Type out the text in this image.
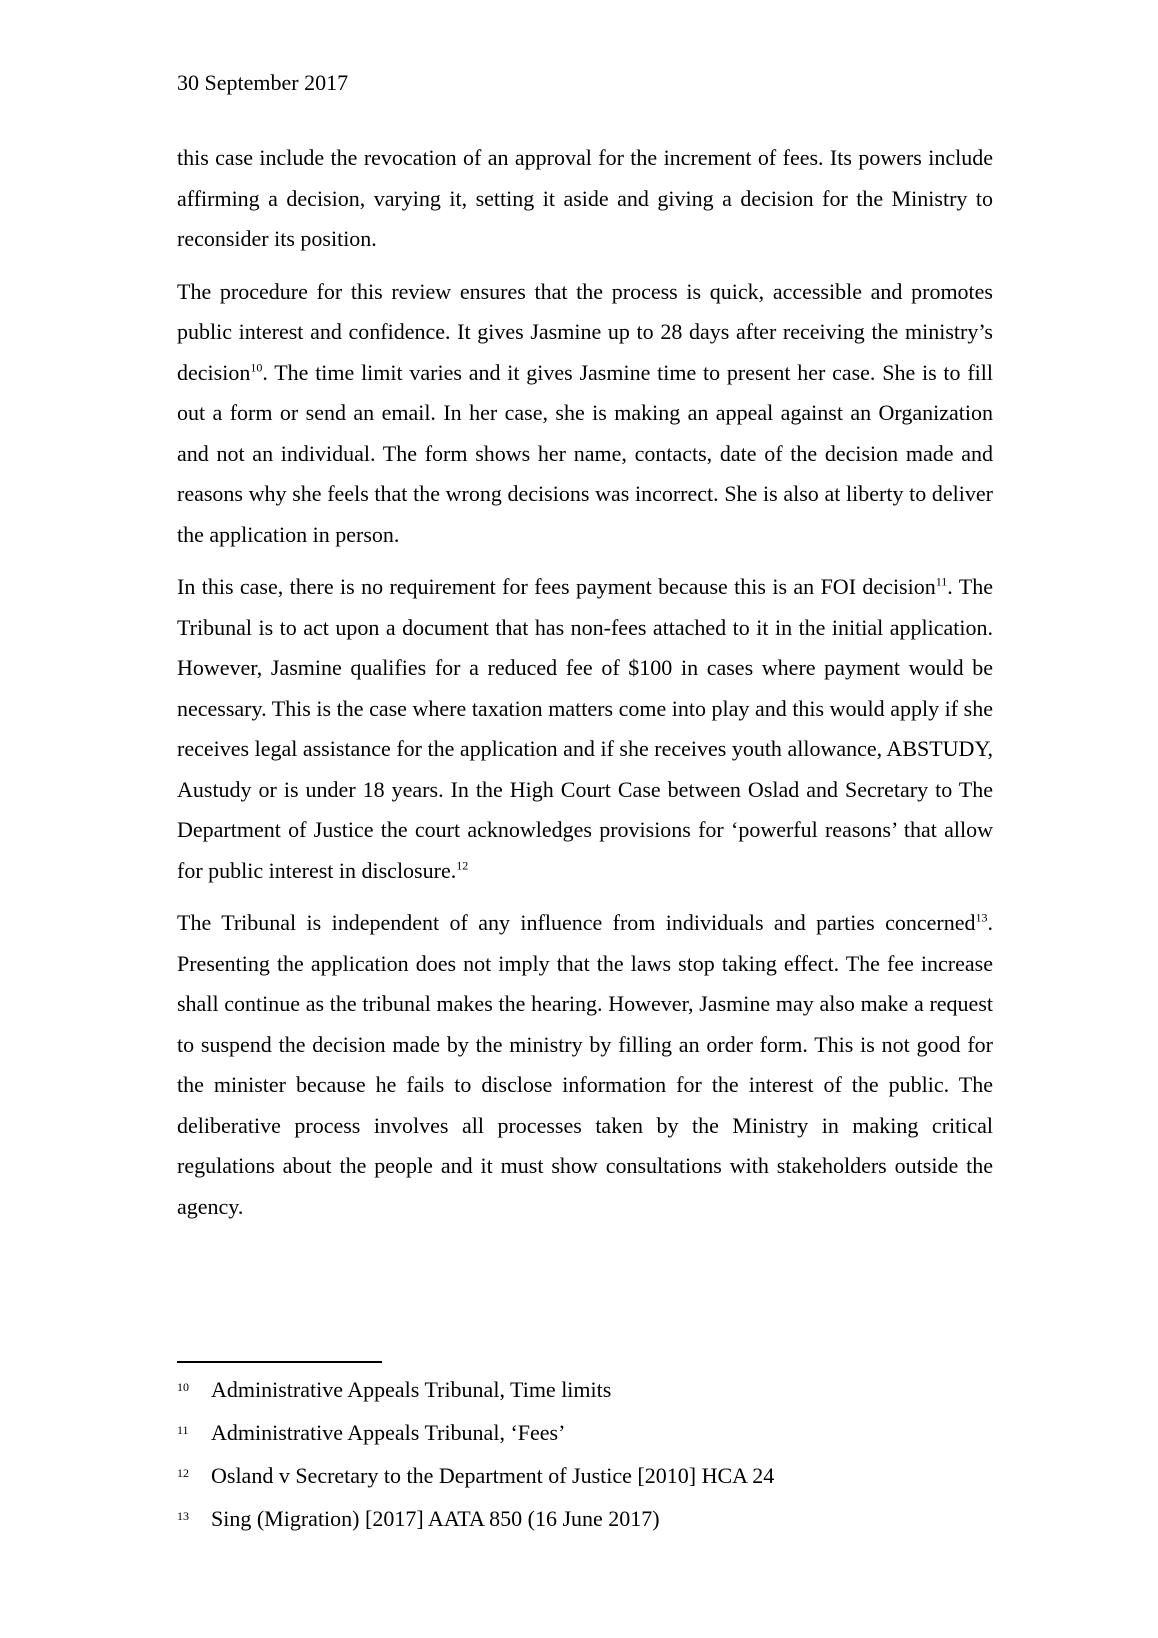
30 September 2017

this case include the revocation of an approval for the increment of fees. Its powers include affirming a decision, varying it, setting it aside and giving a decision for the Ministry to reconsider its position.

The procedure for this review ensures that the process is quick, accessible and promotes public interest and confidence. It gives Jasmine up to 28 days after receiving the ministry’s decision$^{10}$. The time limit varies and it gives Jasmine time to present her case. She is to fill out a form or send an email. In her case, she is making an appeal against an Organization and not an individual. The form shows her name, contacts, date of the decision made and reasons why she feels that the wrong decisions was incorrect. She is also at liberty to deliver the application in person.

In this case, there is no requirement for fees payment because this is an FOI decision$^{11}$. The Tribunal is to act upon a document that has non-fees attached to it in the initial application. However, Jasmine qualifies for a reduced fee of $100 in cases where payment would be necessary. This is the case where taxation matters come into play and this would apply if she receives legal assistance for the application and if she receives youth allowance, ABSTUDY, Austudy or is under 18 years. In the High Court Case between Oslad and Secretary to The Department of Justice the court acknowledges provisions for ‘powerful reasons’ that allow for public interest in disclosure.$^{12}$

The Tribunal is independent of any influence from individuals and parties concerned$^{13}$. Presenting the application does not imply that the laws stop taking effect. The fee increase shall continue as the tribunal makes the hearing. However, Jasmine may also make a request to suspend the decision made by the ministry by filling an order form. This is not good for the minister because he fails to disclose information for the interest of the public. The deliberative process involves all processes taken by the Ministry in making critical regulations about the people and it must show consultations with stakeholders outside the agency.

10	Administrative Appeals Tribunal, Time limits
11	Administrative Appeals Tribunal, ‘Fees’
12	Osland v Secretary to the Department of Justice [2010] HCA 24
13	Sing (Migration) [2017] AATA 850 (16 June 2017)
